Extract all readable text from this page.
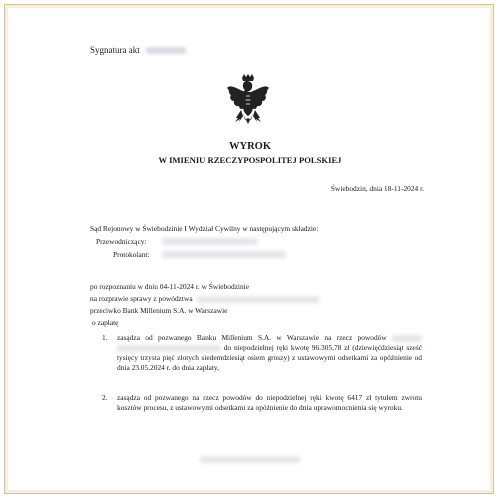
Sygnatura akt
WYROK
W IMIENIU RZECZYPOSPOLITEJ POLSKIEJ
Świebodzin, dnia 18-11-2024 r.
Sąd Rejonowy w Świebodzinie I Wydział Cywilny w następującym składzie:
Przewodniczący:
Protokolant:
po rozpoznaniu w dniu 04-11-2024 r. w Świebodzinie
na rozprawie sprawy z powództwa
przeciwko Bank Millenium S.A. w Warszawie
o zapłatę
1. zasądza od pozwanego Banku Millenium S.A. w Warszawie na rzecz powodów   do niepodzielnej ręki kwotę 96.305,78 zł (dziewięćdziesiąt sześć tysięcy trzysta pięć złotych siedemdziesiąt osiem groszy) z ustawowymi odsetkami za opóźnienie od dnia 23.05.2024 r. do dnia zapłaty,
2. zasądza od pozwanego na rzecz powodów do niepodzielnej ręki kwotę 6417 zł tytułem zwrotu kosztów procesu, z ustawowymi odsetkami za opóźnienie do dnia uprawomocnienia się wyroku.
